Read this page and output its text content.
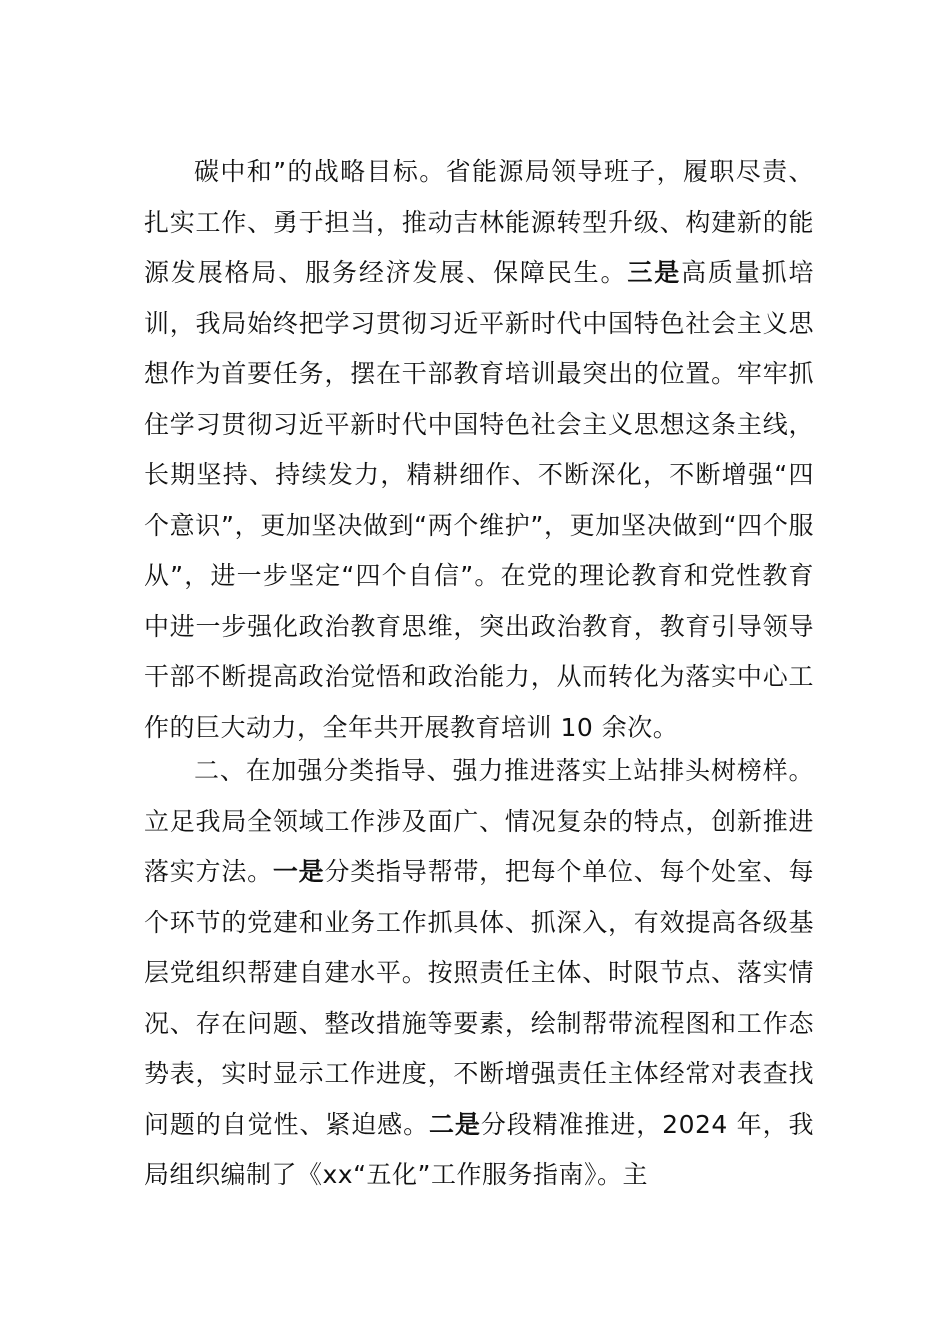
碳中和”的战略目标。省能源局领导班子，履职尽责、扎实工作、勇于担当，推动吉林能源转型升级、构建新的能源发展格局、服务经济发展、保障民生。三是高质量抓培训，我局始终把学习贯彻习近平新时代中国特色社会主义思想作为首要任务，摆在干部教育培训最突出的位置。牢牢抓住学习贯彻习近平新时代中国特色社会主义思想这条主线，长期坚持、持续发力，精耕细作、不断深化，不断增强“四个意识”，更加坚决做到“两个维护”，更加坚决做到“四个服从”，进一步坚定“四个自信”。在党的理论教育和党性教育中进一步强化政治教育思维，突出政治教育，教育引导领导干部不断提高政治觉悟和政治能力，从而转化为落实中心工作的巨大动力，全年共开展教育培训 10 余次。

二、在加强分类指导、强力推进落实上站排头树榜样。立足我局全领域工作涉及面广、情况复杂的特点，创新推进落实方法。一是分类指导帮带，把每个单位、每个处室、每个环节的党建和业务工作抓具体、抓深入，有效提高各级基层党组织帮建自建水平。按照责任主体、时限节点、落实情况、存在问题、整改措施等要素，绘制帮带流程图和工作态势表，实时显示工作进度，不断增强责任主体经常对表查找问题的自觉性、紧迫感。二是分段精准推进，2024 年，我局组织编制了《xx“五化”工作服务指南》。主
